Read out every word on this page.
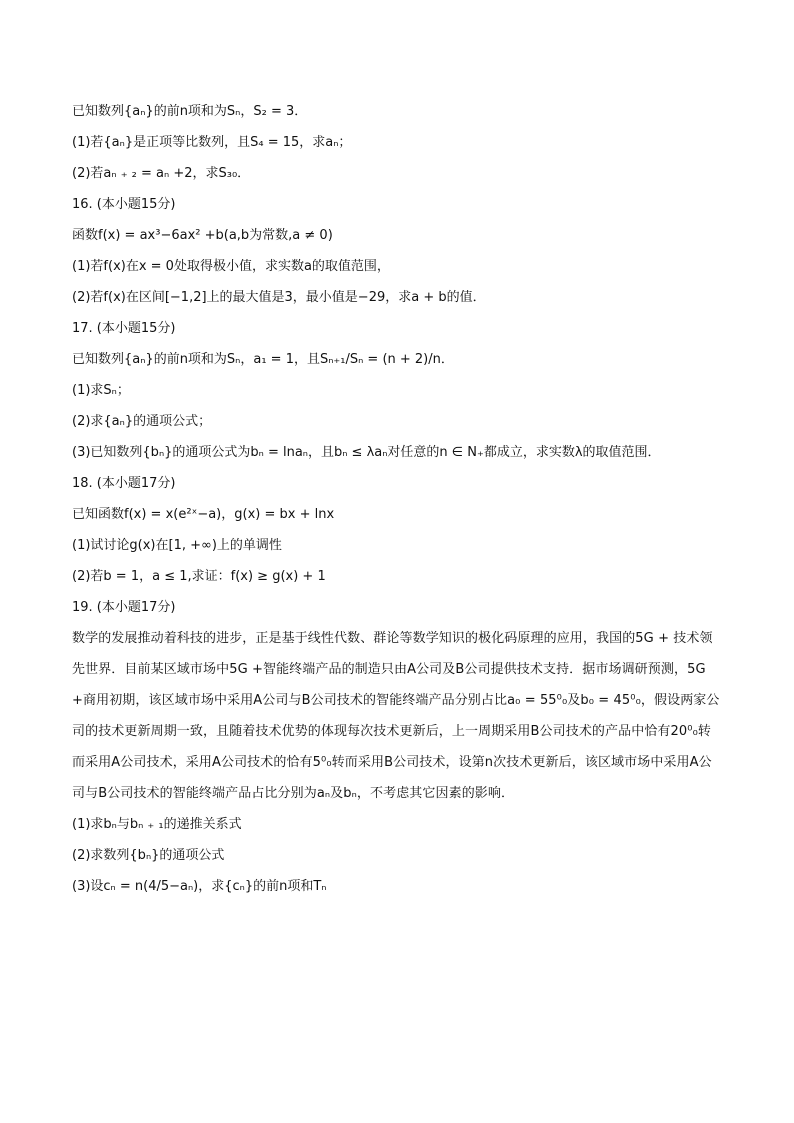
已知数列{aₙ}的前n项和为Sₙ，S₂ = 3．
(1)若{aₙ}是正项等比数列，且S₄ = 15，求aₙ；
(2)若aₙ ₊ ₂ = aₙ +2，求S₃₀．
16. (本小题15分)
函数f(x) = ax³−6ax² +b(a,b为常数,a ≠ 0)
(1)若f(x)在x = 0处取得极小值，求实数a的取值范围，
(2)若f(x)在区间[−1,2]上的最大值是3，最小值是−29，求a + b的值．
17. (本小题15分)
已知数列{aₙ}的前n项和为Sₙ，a₁ = 1，且Sₙ₊₁/Sₙ = (n + 2)/n．
(1)求Sₙ；
(2)求{aₙ}的通项公式；
(3)已知数列{bₙ}的通项公式为bₙ = lnaₙ，且bₙ ≤ λaₙ对任意的n ∈ N₊都成立，求实数λ的取值范围．
18. (本小题17分)
已知函数f(x) = x(e²ˣ−a)，g(x) = bx + lnx
(1)试讨论g(x)在[1, +∞)上的单调性
(2)若b = 1，a ≤ 1,求证：f(x) ≥ g(x) + 1
19. (本小题17分)
数学的发展推动着科技的进步，正是基于线性代数、群论等数学知识的极化码原理的应用，我国的5G + 技术领先世界．目前某区域市场中5G +智能终端产品的制造只由A公司及B公司提供技术支持．据市场调研预测，5G +商用初期，该区域市场中采用A公司与B公司技术的智能终端产品分别占比a₀ = 55⁰₀及b₀ = 45⁰₀，假设两家公司的技术更新周期一致，且随着技术优势的体现每次技术更新后，上一周期采用B公司技术的产品中恰有20⁰₀转而采用A公司技术，采用A公司技术的恰有5⁰₀转而采用B公司技术，设第n次技术更新后，该区域市场中采用A公司与B公司技术的智能终端产品占比分别为aₙ及bₙ，不考虑其它因素的影响．
(1)求bₙ与bₙ ₊ ₁的递推关系式
(2)求数列{bₙ}的通项公式
(3)设cₙ = n(4/5−aₙ)，求{cₙ}的前n项和Tₙ
